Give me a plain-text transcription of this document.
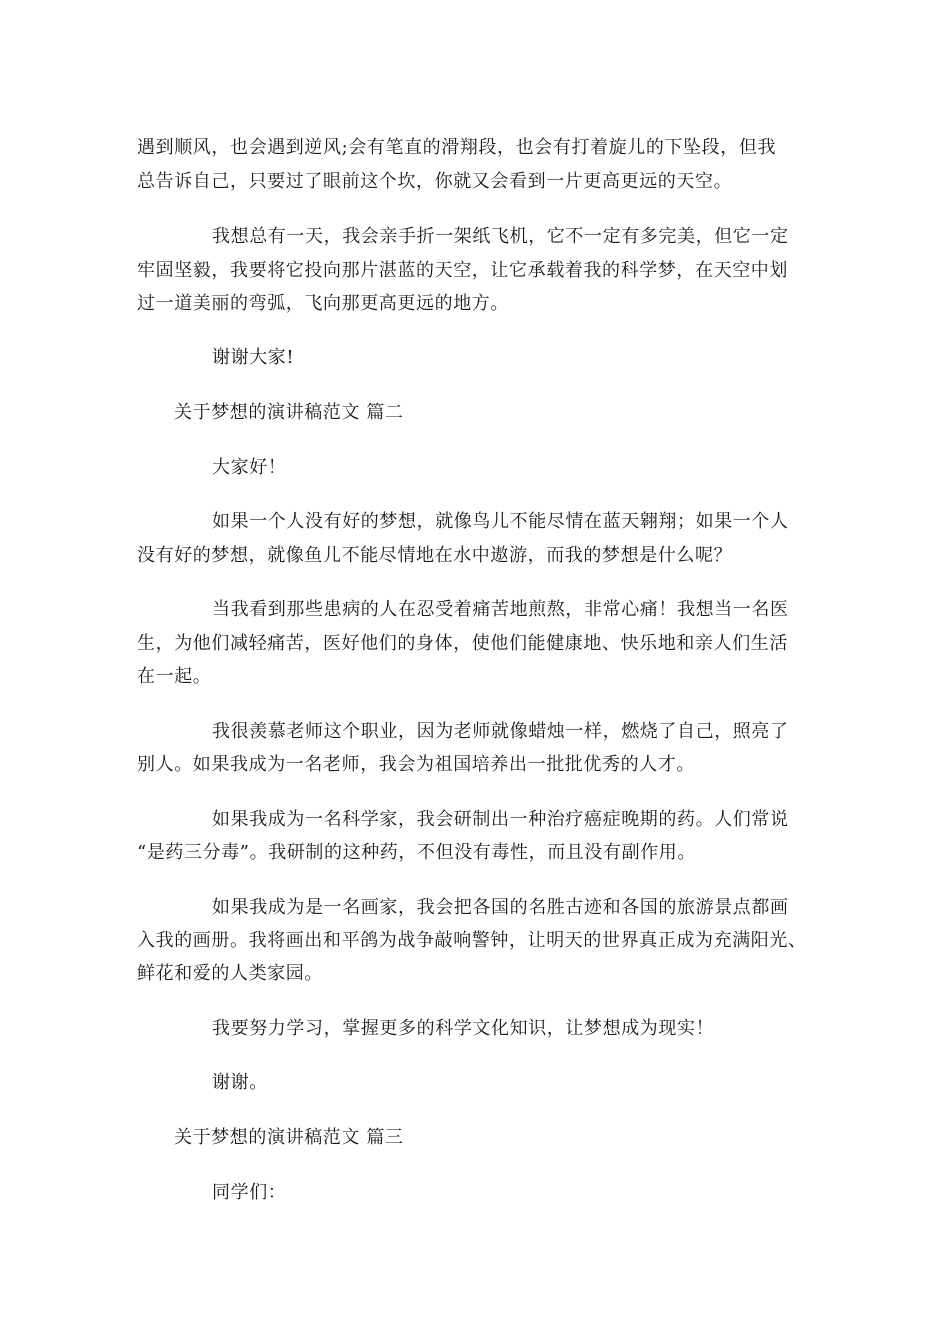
遇到顺风，也会遇到逆风;会有笔直的滑翔段，也会有打着旋儿的下坠段，但我
总告诉自己，只要过了眼前这个坎，你就又会看到一片更高更远的天空。
我想总有一天，我会亲手折一架纸飞机，它不一定有多完美，但它一定
牢固坚毅，我要将它投向那片湛蓝的天空，让它承载着我的科学梦，在天空中划
过一道美丽的弯弧，飞向那更高更远的地方。
谢谢大家!
关于梦想的演讲稿范文 篇二
大家好！
如果一个人没有好的梦想，就像鸟儿不能尽情在蓝天翱翔；如果一个人
没有好的梦想，就像鱼儿不能尽情地在水中遨游，而我的梦想是什么呢？
当我看到那些患病的人在忍受着痛苦地煎熬，非常心痛！我想当一名医
生，为他们减轻痛苦，医好他们的身体，使他们能健康地、快乐地和亲人们生活
在一起。
我很羡慕老师这个职业，因为老师就像蜡烛一样，燃烧了自己，照亮了
别人。如果我成为一名老师，我会为祖国培养出一批批优秀的人才。
如果我成为一名科学家，我会研制出一种治疗癌症晚期的药。人们常说
“是药三分毒”。我研制的这种药，不但没有毒性，而且没有副作用。
如果我成为是一名画家，我会把各国的名胜古迹和各国的旅游景点都画
入我的画册。我将画出和平鸽为战争敲响警钟，让明天的世界真正成为充满阳光、
鲜花和爱的人类家园。
我要努力学习，掌握更多的科学文化知识，让梦想成为现实！
谢谢。
关于梦想的演讲稿范文 篇三
同学们：
